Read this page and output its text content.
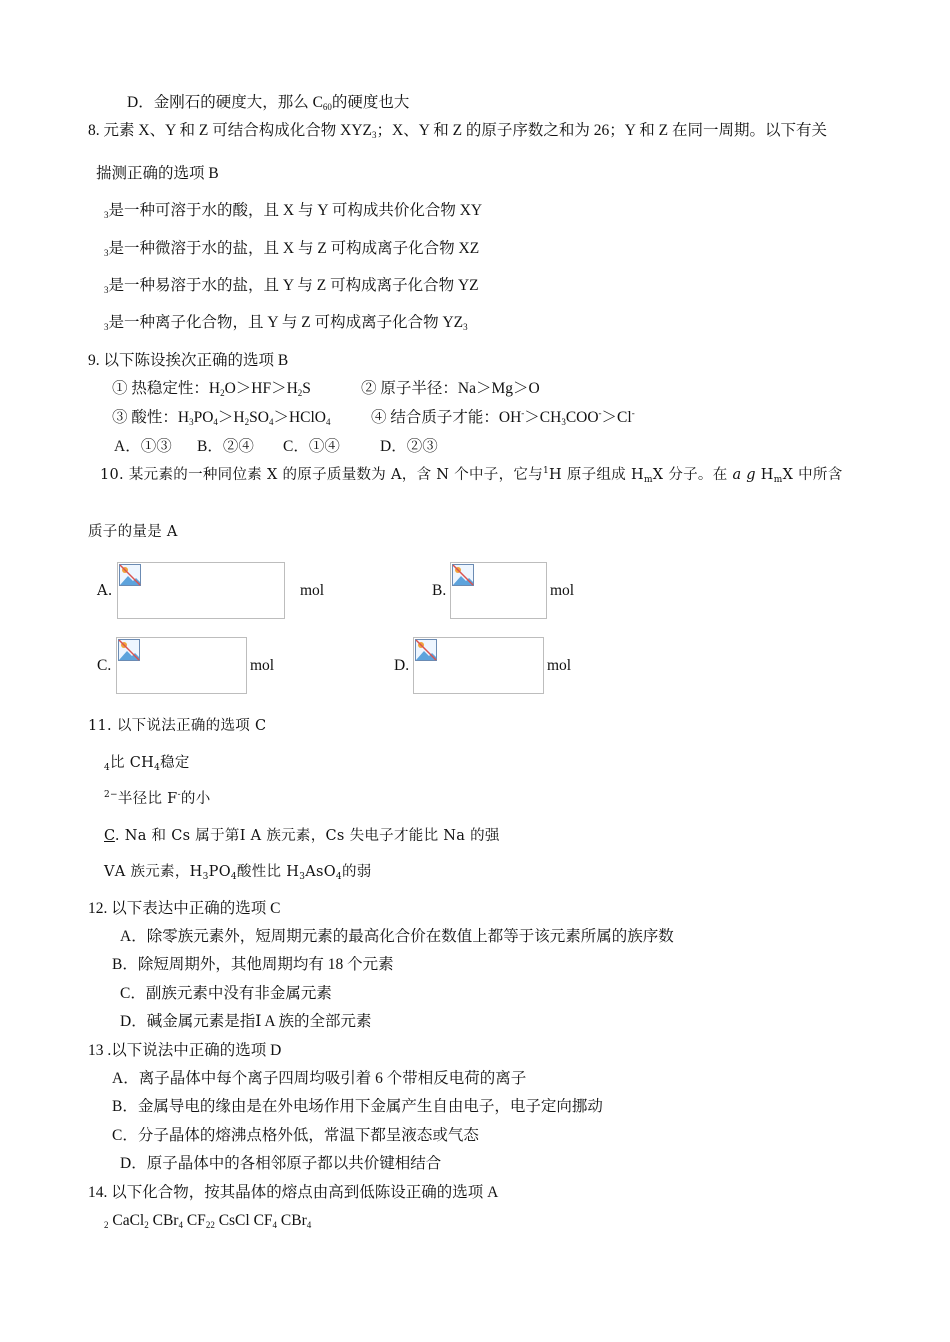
D．金刚石的硬度大，那么 $C_{60}$的硬度也大
8. 元素 X、Y 和 Z 可结合构成化合物 $XYZ_3$；X、Y 和 Z 的原子序数之和为 26；Y 和 Z 在同一周期。以下有关
揣测正确的选项 B
$_3$是一种可溶于水的酸，且 X 与 Y 可构成共价化合物 XY
$_3$是一种微溶于水的盐，且 X 与 Z 可构成离子化合物 XZ
$_3$是一种易溶于水的盐，且 Y 与 Z 可构成离子化合物 YZ
$_3$是一种离子化合物，且 Y 与 Z 可构成离子化合物 $YZ_3$
9. 以下陈设挨次正确的选项 B
① 热稳定性：$H_2O>HF>H_2S$	② 原子半径：Na＞Mg＞O
③ 酸性：$H_3PO_4>H_2SO_4>HClO_4$	④ 结合质子才能：$OH^->CH_3COO^->Cl^-$
A．①③ B．②④ C．①④	D．②③
10. 某元素的一种同位素 X 的原子质量数为 A，含 N 个中子，它与$^1$H 原子组成 $H_mX$ 分子。在 a g $H_mX$ 中所含
质子的量是 A
A.	mol	B.	mol
C.	mol	D.	mol
11. 以下说法正确的选项 C
$_4$比 $CH_4$稳定
$^{2-}$半径比 F-的小
C. Na 和 Cs 属于第Ⅰ A 族元素，Cs 失电子才能比 Na 的强
ⅤA 族元素，$H_3PO_4$酸性比 $H_3AsO_4$的弱
12. 以下表达中正确的选项 C
A．除零族元素外，短周期元素的最高化合价在数值上都等于该元素所属的族序数
B．除短周期外，其他周期均有 18 个元素
C．副族元素中没有非金属元素
D．碱金属元素是指Ⅰ A 族的全部元素
13 .以下说法中正确的选项 D
A．离子晶体中每个离子四周均吸引着 6 个带相反电荷的离子
B．金属导电的缘由是在外电场作用下金属产生自由电子，电子定向挪动
C．分子晶体的熔沸点格外低，常温下都呈液态或气态
D．原子晶体中的各相邻原子都以共价键相结合
14. 以下化合物，按其晶体的熔点由高到低陈设正确的选项 A
$_2$ CaCl$_2$ CBr$_4$ $CF_{22}$ CsCl $CF_4$ CBr$_4$
